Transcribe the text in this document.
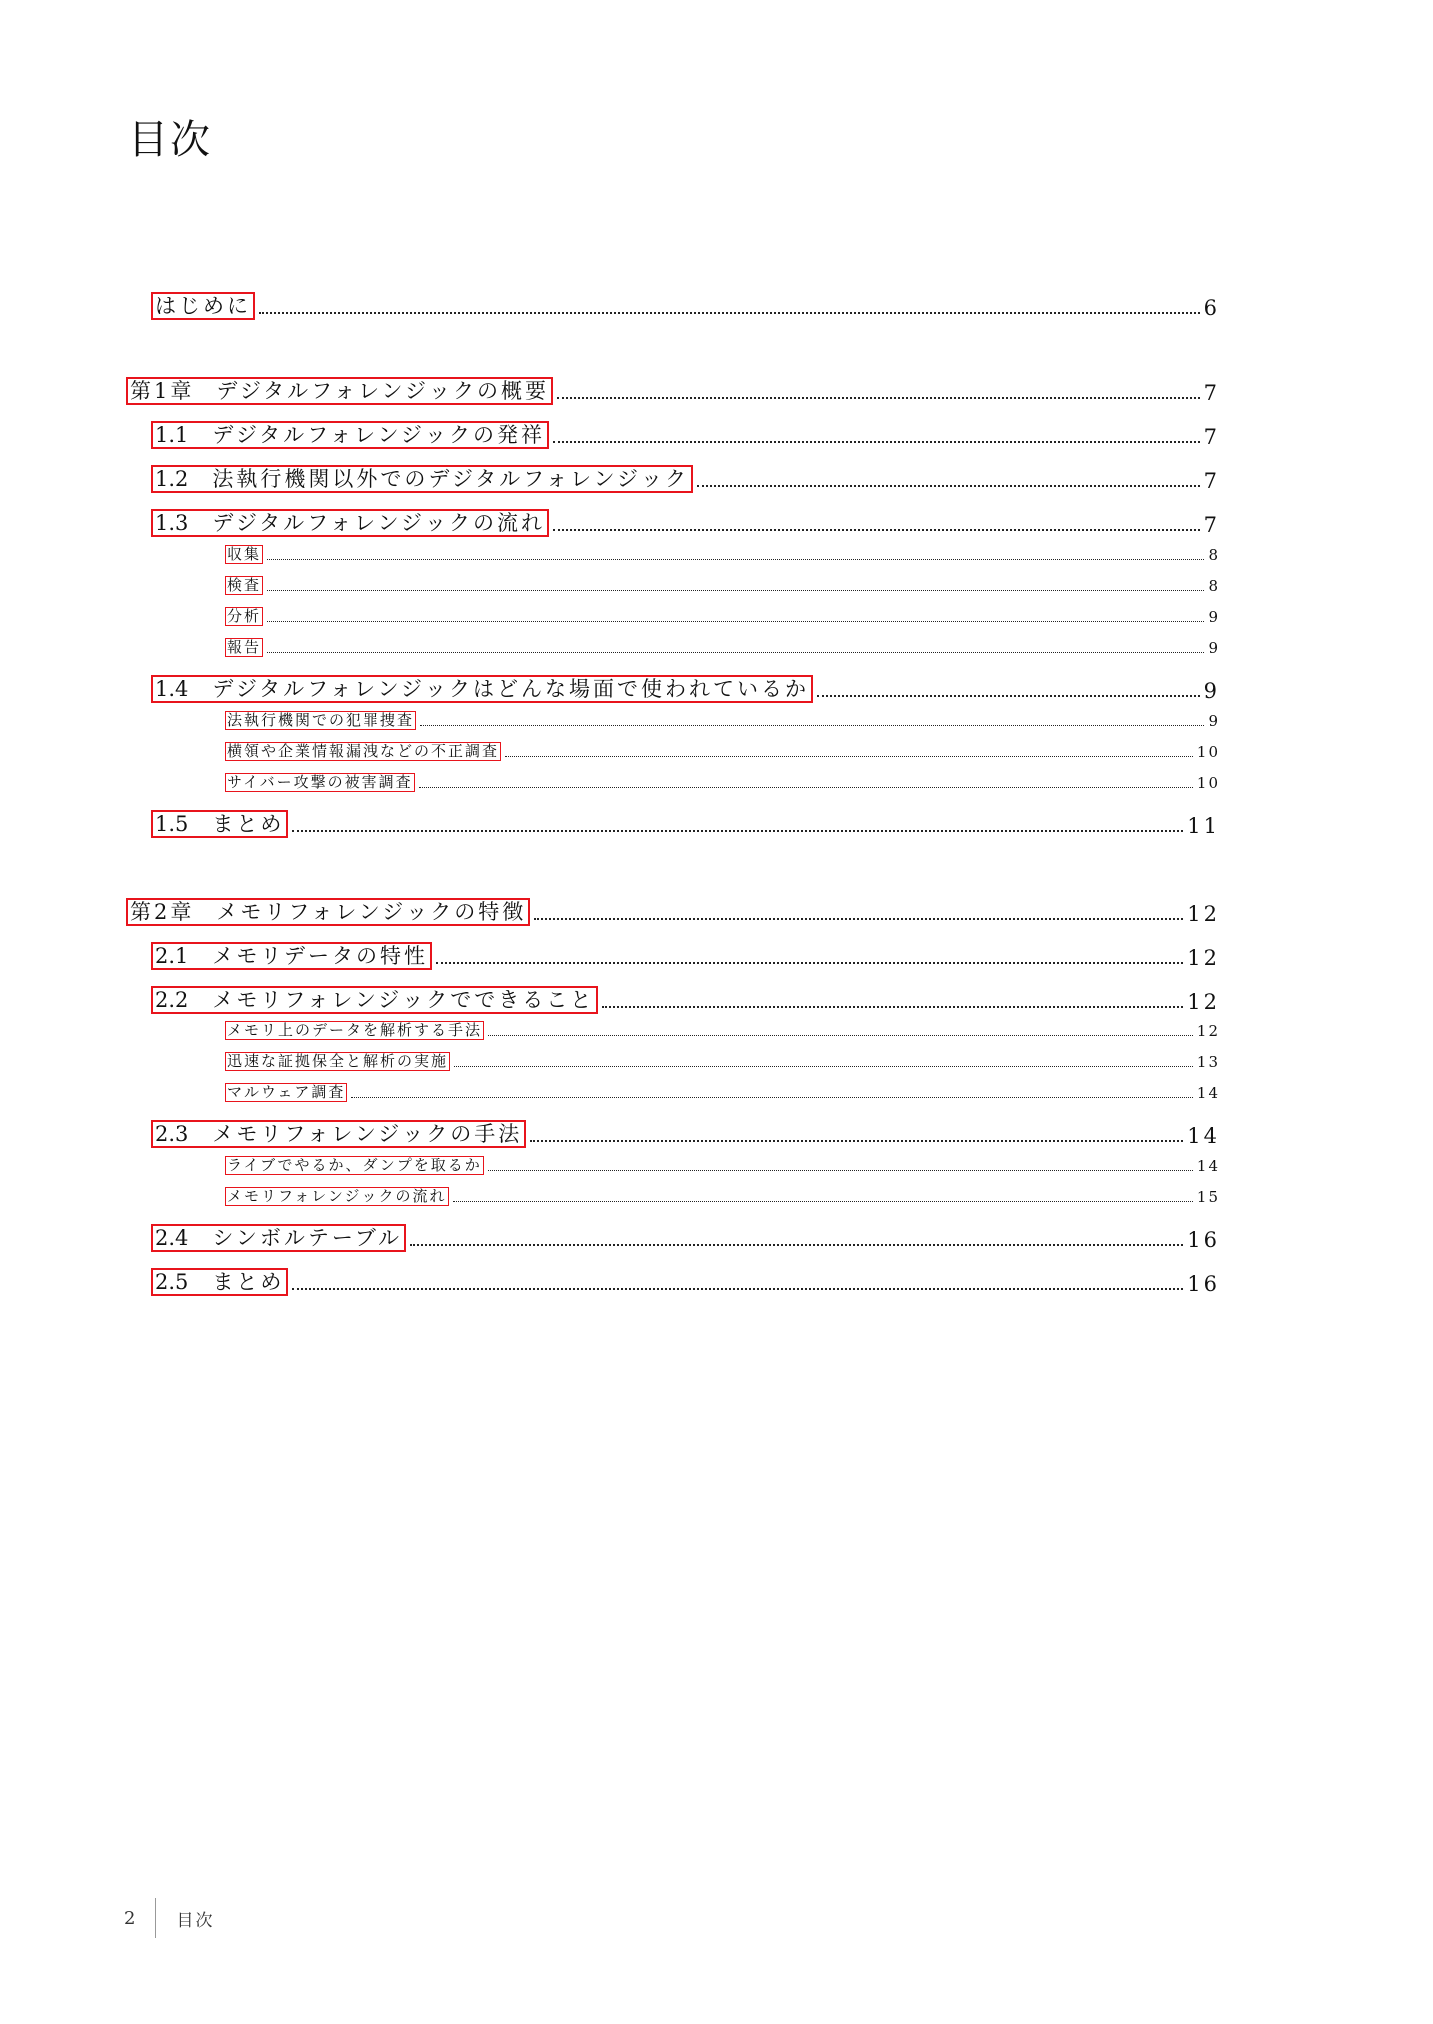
目次
はじめに	6
第1章 デジタルフォレンジックの概要	7
1.1 デジタルフォレンジックの発祥	7
1.2 法執行機関以外でのデジタルフォレンジック	7
1.3 デジタルフォレンジックの流れ	7
収集	8
検査	8
分析	9
報告	9
1.4 デジタルフォレンジックはどんな場面で使われているか	9
法執行機関での犯罪捜査	9
横領や企業情報漏洩などの不正調査	10
サイバー攻撃の被害調査	10
1.5 まとめ	11
第2章 メモリフォレンジックの特徴	12
2.1 メモリデータの特性	12
2.2 メモリフォレンジックでできること	12
メモリ上のデータを解析する手法	12
迅速な証拠保全と解析の実施	13
マルウェア調査	14
2.3 メモリフォレンジックの手法	14
ライブでやるか、ダンプを取るか	14
メモリフォレンジックの流れ	15
2.4 シンボルテーブル	16
2.5 まとめ	16
2 目次
